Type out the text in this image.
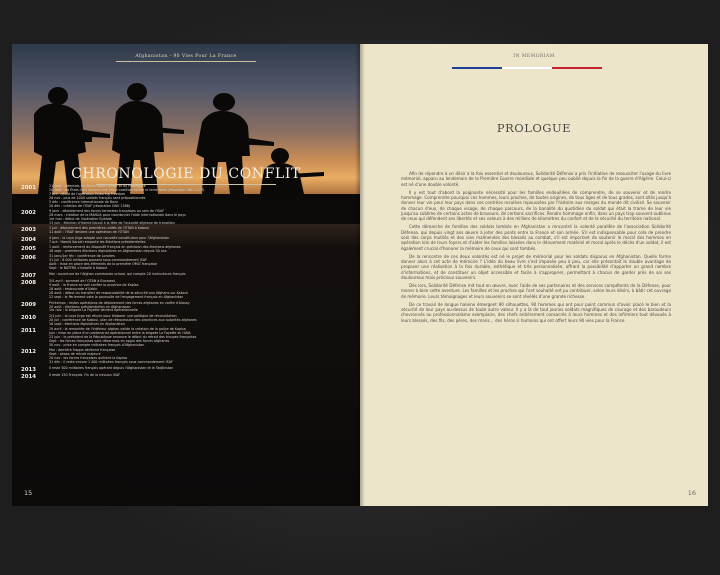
Afghanistan - 90 Vies Pour La France
CHRONOLOGIE DU CONFLIT
2001	11 sept : attentats du World Trade Center et du Pentagone
20 sept : les États-Unis lancent une vaste coalition contre le terrorisme (résolution ONU 1373)
7 oct : début de l'opération Enduring Freedom
26 nov : plus de 2000 soldats français sont prépositionnés
5 déc : conférence internationale de Bonn
20 déc : création de l'ISAF (résolution ONU 1386)
2002	9 janv : déploiement des forces terrestres françaises au sein de l'ISAF
28 mars : création de la MANUA pour coordonner l'aide internationale dans le pays
1er mai : début de l'opération Épidote
13 juin : élection d'Hamid Karzaï à la tête de l'autorité afghane de transition
2003	1 juil : déploiement des premières unités de l'OTAN à Kaboul
11 août : l'ISAF devient une opération de l'OTAN
2004	4 janv : la Loya Jirga adopte une nouvelle constitution pour l'Afghanistan
7 oct : Hamid Karzaï remporte les élections présidentielles
2005	1 août : renforcement du dispositif français en prévision des élections afghanes
18 sept : premières élections législatives en Afghanistan depuis 30 ans
2006	31 janv/1er fév : conférence de Londres
31 juil : 8 000 militaires passent sous commandement ISAF
Août : mise en place des éléments de la première OMLT française
Sept : le BATFRA s'installe à Kaboul
2007	Mai : ouverture de l'Afghan commando school, qui compte 20 instructeurs français
2008	3/4 avril : sommet de l'OTAN à Bucarest
9 août : la France se voit confier la province de Kapisa
18 août : embuscade d'Uzbin
28 août : début du transfert de responsabilité de la sécurité aux Afghans sur Kaboul
22 sept : le Parlement vote la poursuite de l'engagement français en Afghanistan
2009	Printemps : restes opérations de déploiement des forces afghanes en vallée d'Alasay
20 août : élections présidentielles en Afghanistan
1er nov : la brigade La Fayette devient opérationnelle
2010	2/4 juin : la Loya Jirga est réunie pour élaborer une politique de réconciliation
20 juil : conférence de Kaboul, plan de rétrocession des provinces aux autorités afghanes
18 sept : élections législatives en Afghanistan
2011	19 avril : la remontée de l'intérieur afghan valide la création de la police de Kapisa
Juin : mise en place d'un partenariat opérationnel entre la brigade La Fayette et l'ANA
23 juin : le président de la République annonce le début du retrait des troupes françaises
Sept : les forces françaises sont désormais en appui des forces afghanes
30 nov : prise en compte militaires français d'Afghanistan
2012	Mai : dernière frappe aérienne française
Sept : phase de retrait majeure
20 nov : les forces françaises quittent la Kapisa
31 déc : il reste encore 1 400 militaires français sous commandement ISAF
2013	Il reste 500 militaires français opérant depuis l'Afghanistan et le Tadjikistan
2014	Il reste 150 Français. Fin de la mission ISAF
15
IN MEMORIAM
PROLOGUE

Afin de répondre à un désir à la fois essentiel et douloureux, Solidarité Défense a pris l'initiative de ressusciter l'usage du livre mémoriel, apparu au lendemain de la Première Guerre mondiale et quelque peu oublié depuis la fin de la guerre d'Algérie. Celui-ci est né d'une double volonté.

Il y est tout d'abord la poignante nécessité pour les familles endeuillées de comprendre, de se souvenir et de rendre hommage. Comprendre pourquoi ces hommes, leurs proches, de toutes origines, de tous âges et de tous grades, sont allés jusqu'à donner leur vie pour leur pays dans ces contrées reculées repoussées par l'histoire aux marges du monde dit civilisé. Se souvenir de chacun d'eux, de chaque visage, de chaque parcours, de la banalité du quotidien du soldat qui était la trame de leur vie jusqu'au sublime de certains actes de bravoure, de certains sacrifices. Rendre hommage enfin, dans un pays trop souvent oublieux de ceux qui défendent ses libertés et ses valeurs à des milliers de kilomètres du confort et de la sécurité du territoire national.

Cette démarche de familles des soldats tombés en Afghanistan a rencontré la volonté parallèle de l'association Solidarité Défense, qui depuis vingt ans œuvre à jeter des ponts entre la France et son armée. S'il est indispensable pour cela de prendre soin des corps mutilés et des vies malmenées des blessés au combat, s'il est important de soutenir le moral des hommes en opération loin de leurs foyers et d'aider les familles laissées dans le dénuement matériel et moral après le décès d'un soldat, il est également crucial d'honorer la mémoire de ceux qui sont tombés.

De la rencontre de ces deux volontés est né le projet de mémorial pour les soldats disparus en Afghanistan. Quelle forme donner alors à cet acte de mémoire ? L'idée du beau livre s'est imposée peu à peu, car elle présentait le double avantage de proposer une réalisation à la fois durable, esthétique et très personnalisée, offrant la possibilité d'apporter un grand nombre d'informations, et de constituer un objet accessible et facile à s'approprier, permettant à chacun de garder près de soi ses douloureux mais précieux souvenirs.

Dès lors, Solidarité Défense mit tout en œuvre, avec l'aide de ses partenaires et des services compétents de la Défense, pour mener à bien cette aventure. Les familles et les proches qui l'ont souhaité ont pu contribuer, selon leurs désirs, à bâtir cet ouvrage de mémoire. Leurs témoignages et leurs souvenirs se sont révélés d'une grande richesse.

De ce travail de longue haleine émergent 90 silhouettes, 90 hommes qui ont pour point commun d'avoir placé le bien et la sécurité de leur pays au-dessus de toute autre valeur. Il y a là de tout jeunes soldats magnifiques de courage et des baroudeurs chevronnés au professionnalisme exemplaire, des chefs entièrement consacrés à leurs hommes et des infirmiers tout dévoués à leurs blessés, des fils, des pères, des maris… des héros si humains qui ont offert leurs 90 vies pour la France.

16
